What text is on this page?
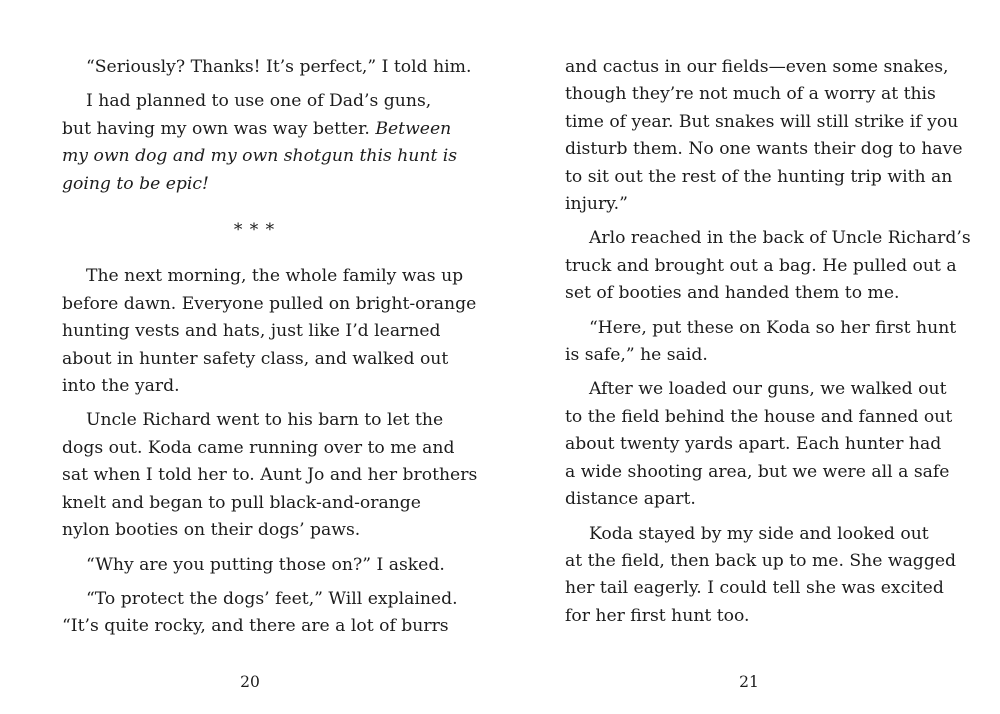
“Seriously? Thanks! It’s perfect,” I told him.

I had planned to use one of Dad’s guns,
but having my own was way better. Between
my own dog and my own shotgun this hunt is
going to be epic!

* * *

The next morning, the whole family was up
before dawn. Everyone pulled on bright-orange
hunting vests and hats, just like I’d learned
about in hunter safety class, and walked out
into the yard.

Uncle Richard went to his barn to let the
dogs out. Koda came running over to me and
sat when I told her to. Aunt Jo and her brothers
knelt and began to pull black-and-orange
nylon booties on their dogs’ paws.

“Why are you putting those on?” I asked.

“To protect the dogs’ feet,” Will explained.
“It’s quite rocky, and there are a lot of burrs

20

and cactus in our fields—even some snakes,
though they’re not much of a worry at this
time of year. But snakes will still strike if you
disturb them. No one wants their dog to have
to sit out the rest of the hunting trip with an
injury.”

Arlo reached in the back of Uncle Richard’s
truck and brought out a bag. He pulled out a
set of booties and handed them to me.

“Here, put these on Koda so her first hunt
is safe,” he said.

After we loaded our guns, we walked out
to the field behind the house and fanned out
about twenty yards apart. Each hunter had
a wide shooting area, but we were all a safe
distance apart.

Koda stayed by my side and looked out
at the field, then back up to me. She wagged
her tail eagerly. I could tell she was excited
for her first hunt too.

21
